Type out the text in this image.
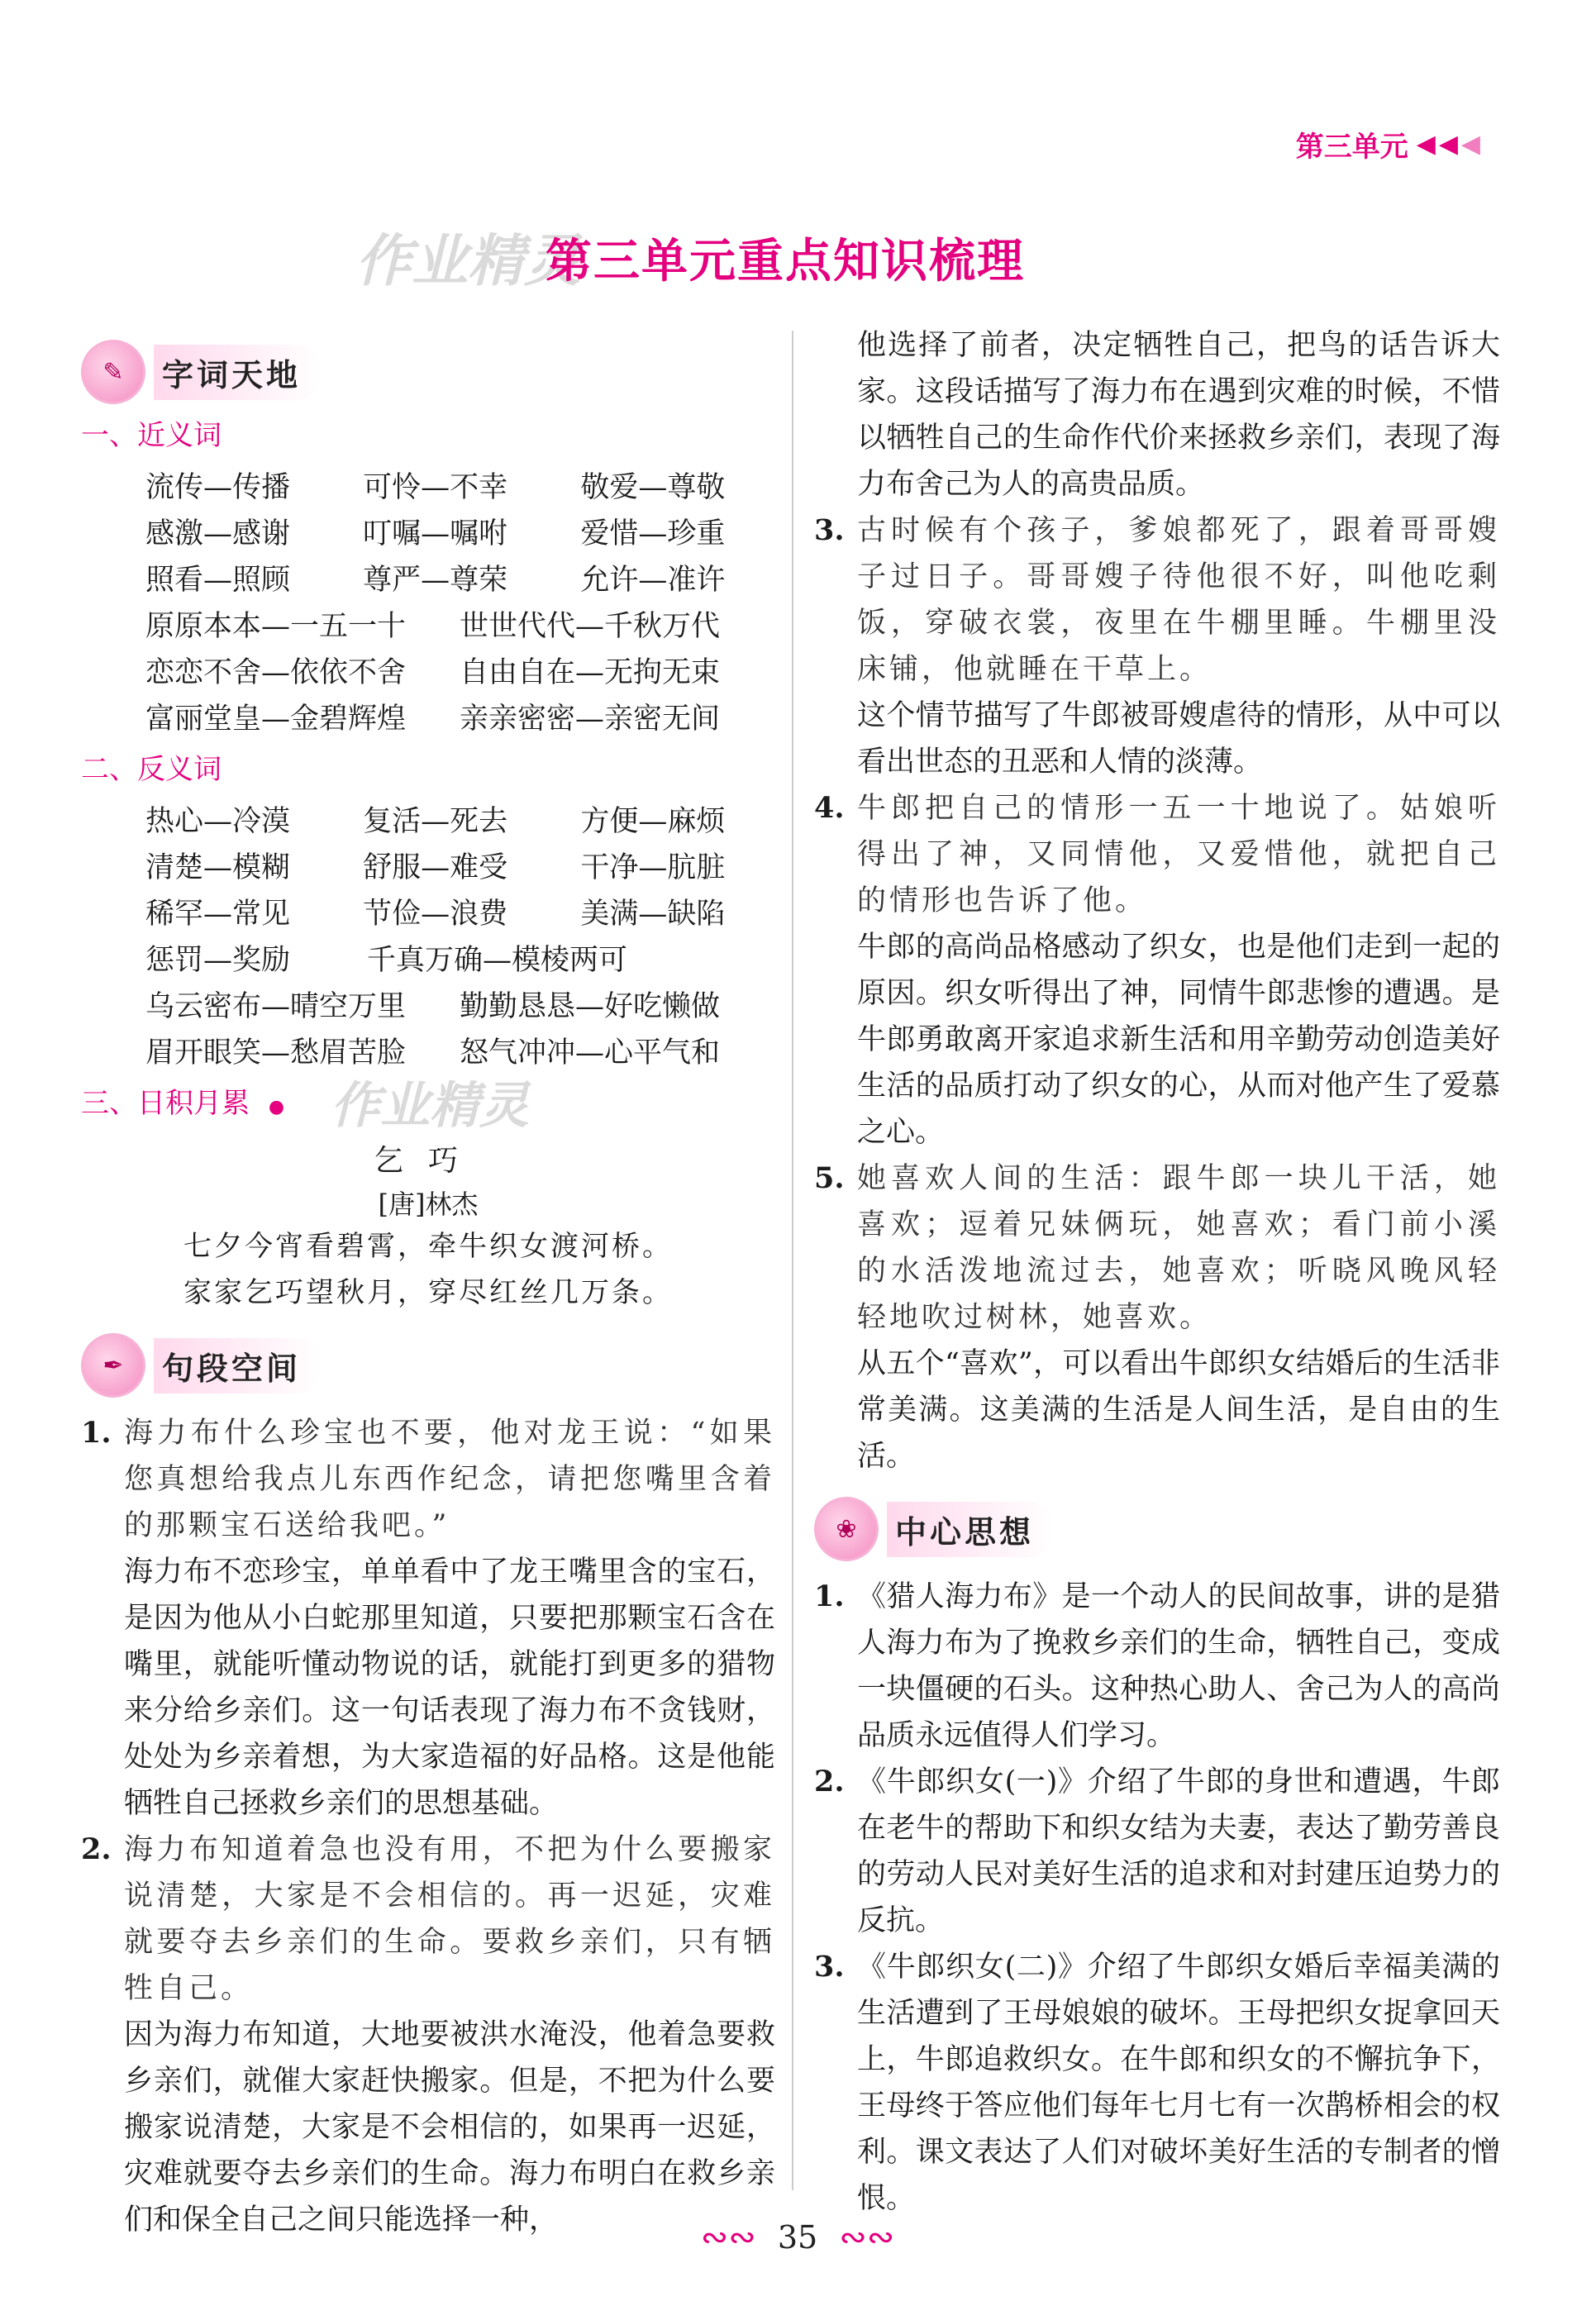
第三单元 ◀ ◀ ◀
作业精灵
第三单元重点知识梳理
✎	字词天地
一、近义词
流传—传播	可怜—不幸	敬爱—尊敬
感激—感谢	叮嘱—嘱咐	爱惜—珍重
照看—照顾	尊严—尊荣	允许—准许
原原本本—一五一十	世世代代—千秋万代
恋恋不舍—依依不舍	自由自在—无拘无束
富丽堂皇—金碧辉煌	亲亲密密—亲密无间
二、反义词
热心—冷漠	复活—死去	方便—麻烦
清楚—模糊	舒服—难受	干净—肮脏
稀罕—常见	节俭—浪费	美满—缺陷
惩罚—奖励	千真万确—模棱两可
乌云密布—晴空万里	勤勤恳恳—好吃懒做
眉开眼笑—愁眉苦脸	怒气冲冲—心平气和
三、日积月累 ●
乞巧
[唐]林杰
七夕今宵看碧霄，牵牛织女渡河桥。
家家乞巧望秋月，穿尽红丝几万条。
✒	句段空间
1. 海力布什么珍宝也不要，他对龙王说：“如果您真想给我点儿东西作纪念，请把您嘴里含着的那颗宝石送给我吧。”

海力布不恋珍宝，单单看中了龙王嘴里含的宝石，是因为他从小白蛇那里知道，只要把那颗宝石含在嘴里，就能听懂动物说的话，就能打到更多的猎物来分给乡亲们。这一句话表现了海力布不贪钱财，处处为乡亲着想，为大家造福的好品格。这是他能牺牲自己拯救乡亲们的思想基础。

2. 海力布知道着急也没有用，不把为什么要搬家说清楚，大家是不会相信的。再一迟延，灾难就要夺去乡亲们的生命。要救乡亲们，只有牺牲自己。

因为海力布知道，大地要被洪水淹没，他着急要救乡亲们，就催大家赶快搬家。但是，不把为什么要搬家说清楚，大家是不会相信的，如果再一迟延，灾难就要夺去乡亲们的生命。海力布明白在救乡亲们和保全自己之间只能选择一种，

作业精灵

他选择了前者，决定牺牲自己，把鸟的话告诉大家。这段话描写了海力布在遇到灾难的时候，不惜以牺牲自己的生命作代价来拯救乡亲们，表现了海力布舍己为人的高贵品质。

3. 古时候有个孩子，爹娘都死了，跟着哥哥嫂子过日子。哥哥嫂子待他很不好，叫他吃剩饭，穿破衣裳，夜里在牛棚里睡。牛棚里没床铺，他就睡在干草上。

这个情节描写了牛郎被哥嫂虐待的情形，从中可以看出世态的丑恶和人情的淡薄。

4. 牛郎把自己的情形一五一十地说了。姑娘听得出了神，又同情他，又爱惜他，就把自己的情形也告诉了他。

牛郎的高尚品格感动了织女，也是他们走到一起的原因。织女听得出了神，同情牛郎悲惨的遭遇。是牛郎勇敢离开家追求新生活和用辛勤劳动创造美好生活的品质打动了织女的心，从而对他产生了爱慕之心。

5. 她喜欢人间的生活：跟牛郎一块儿干活，她喜欢；逗着兄妹俩玩，她喜欢；看门前小溪的水活泼地流过去，她喜欢；听晓风晚风轻轻地吹过树林，她喜欢。

从五个“喜欢”，可以看出牛郎织女结婚后的生活非常美满。这美满的生活是人间生活，是自由的生活。

❀	中心思想
1. 《猎人海力布》是一个动人的民间故事，讲的是猎人海力布为了挽救乡亲们的生命，牺牲自己，变成一块僵硬的石头。这种热心助人、舍己为人的高尚品质永远值得人们学习。

2. 《牛郎织女(一)》介绍了牛郎的身世和遭遇，牛郎在老牛的帮助下和织女结为夫妻，表达了勤劳善良的劳动人民对美好生活的追求和对封建压迫势力的反抗。

3. 《牛郎织女(二)》介绍了牛郎织女婚后幸福美满的生活遭到了王母娘娘的破坏。王母把织女捉拿回天上，牛郎追救织女。在牛郎和织女的不懈抗争下，王母终于答应他们每年七月七有一次鹊桥相会的权利。课文表达了人们对破坏美好生活的专制者的憎恨。

∾∾ 35 ∾∾
